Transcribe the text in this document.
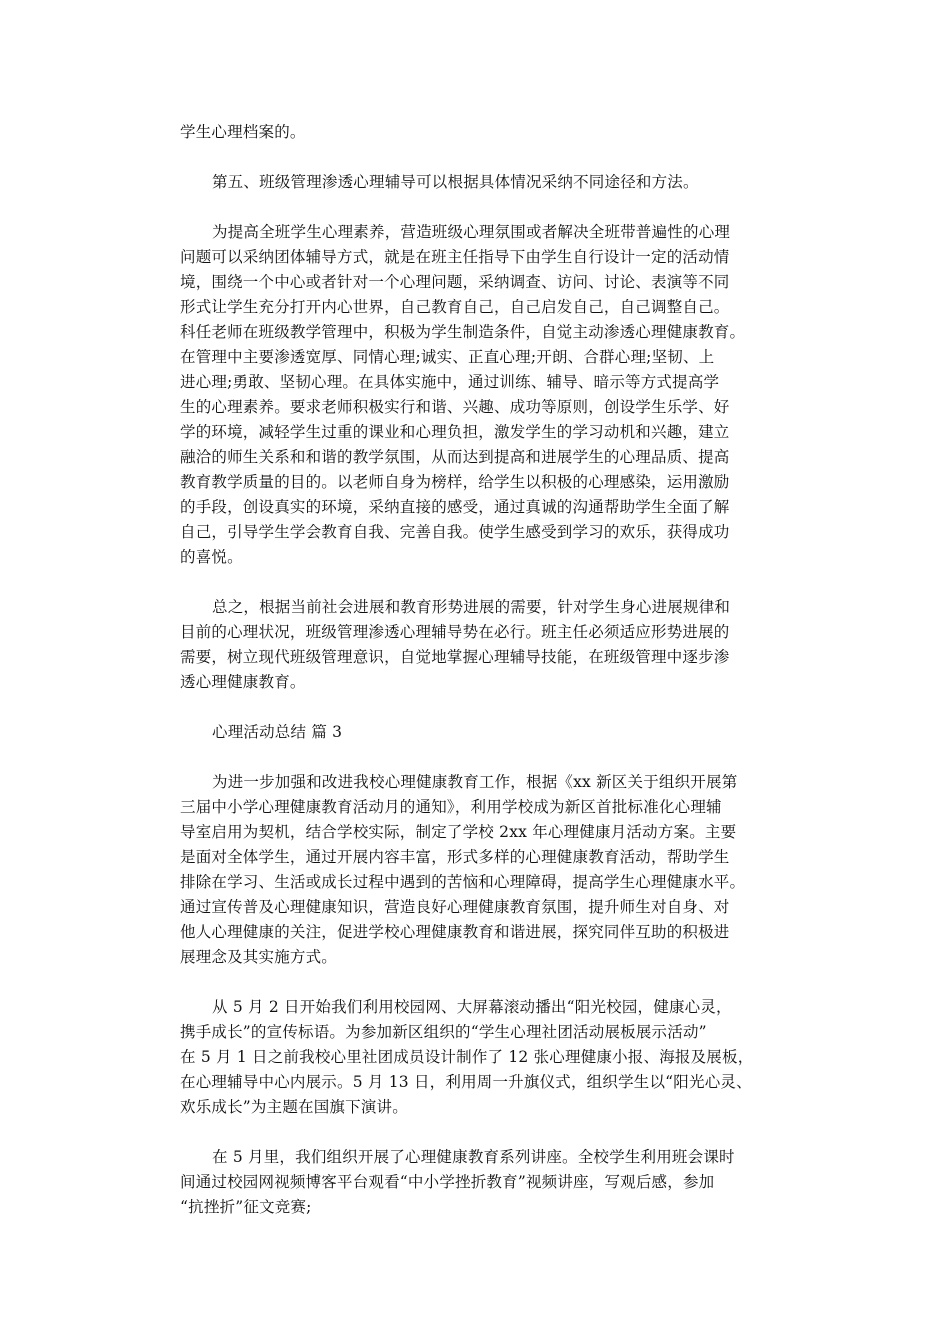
学生心理档案的。
第五、班级管理渗透心理辅导可以根据具体情况采纳不同途径和方法。
为提高全班学生心理素养，营造班级心理氛围或者解决全班带普遍性的心理
问题可以采纳团体辅导方式，就是在班主任指导下由学生自行设计一定的活动情
境，围绕一个中心或者针对一个心理问题，采纳调查、访问、讨论、表演等不同
形式让学生充分打开内心世界，自己教育自己，自己启发自己，自己调整自己。
科任老师在班级教学管理中，积极为学生制造条件，自觉主动渗透心理健康教育。
在管理中主要渗透宽厚、同情心理;诚实、正直心理;开朗、合群心理;坚韧、上
进心理;勇敢、坚韧心理。在具体实施中，通过训练、辅导、暗示等方式提高学
生的心理素养。要求老师积极实行和谐、兴趣、成功等原则，创设学生乐学、好
学的环境，减轻学生过重的课业和心理负担，激发学生的学习动机和兴趣，建立
融洽的师生关系和和谐的教学氛围，从而达到提高和进展学生的心理品质、提高
教育教学质量的目的。以老师自身为榜样，给学生以积极的心理感染，运用激励
的手段，创设真实的环境，采纳直接的感受，通过真诚的沟通帮助学生全面了解
自己，引导学生学会教育自我、完善自我。使学生感受到学习的欢乐，获得成功
的喜悦。
总之，根据当前社会进展和教育形势进展的需要，针对学生身心进展规律和
目前的心理状况，班级管理渗透心理辅导势在必行。班主任必须适应形势进展的
需要，树立现代班级管理意识，自觉地掌握心理辅导技能，在班级管理中逐步渗
透心理健康教育。
心理活动总结 篇 3
为进一步加强和改进我校心理健康教育工作，根据《xx 新区关于组织开展第
三届中小学心理健康教育活动月的通知》，利用学校成为新区首批标准化心理辅
导室启用为契机，结合学校实际，制定了学校 2xx 年心理健康月活动方案。主要
是面对全体学生，通过开展内容丰富，形式多样的心理健康教育活动，帮助学生
排除在学习、生活或成长过程中遇到的苦恼和心理障碍，提高学生心理健康水平。
通过宣传普及心理健康知识，营造良好心理健康教育氛围，提升师生对自身、对
他人心理健康的关注，促进学校心理健康教育和谐进展，探究同伴互助的积极进
展理念及其实施方式。
从 5 月 2 日开始我们利用校园网、大屏幕滚动播出“阳光校园，健康心灵，
携手成长”的宣传标语。为参加新区组织的“学生心理社团活动展板展示活动”
在 5 月 1 日之前我校心里社团成员设计制作了 12 张心理健康小报、海报及展板，
在心理辅导中心内展示。5 月 13 日，利用周一升旗仪式，组织学生以“阳光心灵、
欢乐成长”为主题在国旗下演讲。
在 5 月里，我们组织开展了心理健康教育系列讲座。全校学生利用班会课时
间通过校园网视频博客平台观看“中小学挫折教育”视频讲座，写观后感，参加
“抗挫折”征文竞赛;
